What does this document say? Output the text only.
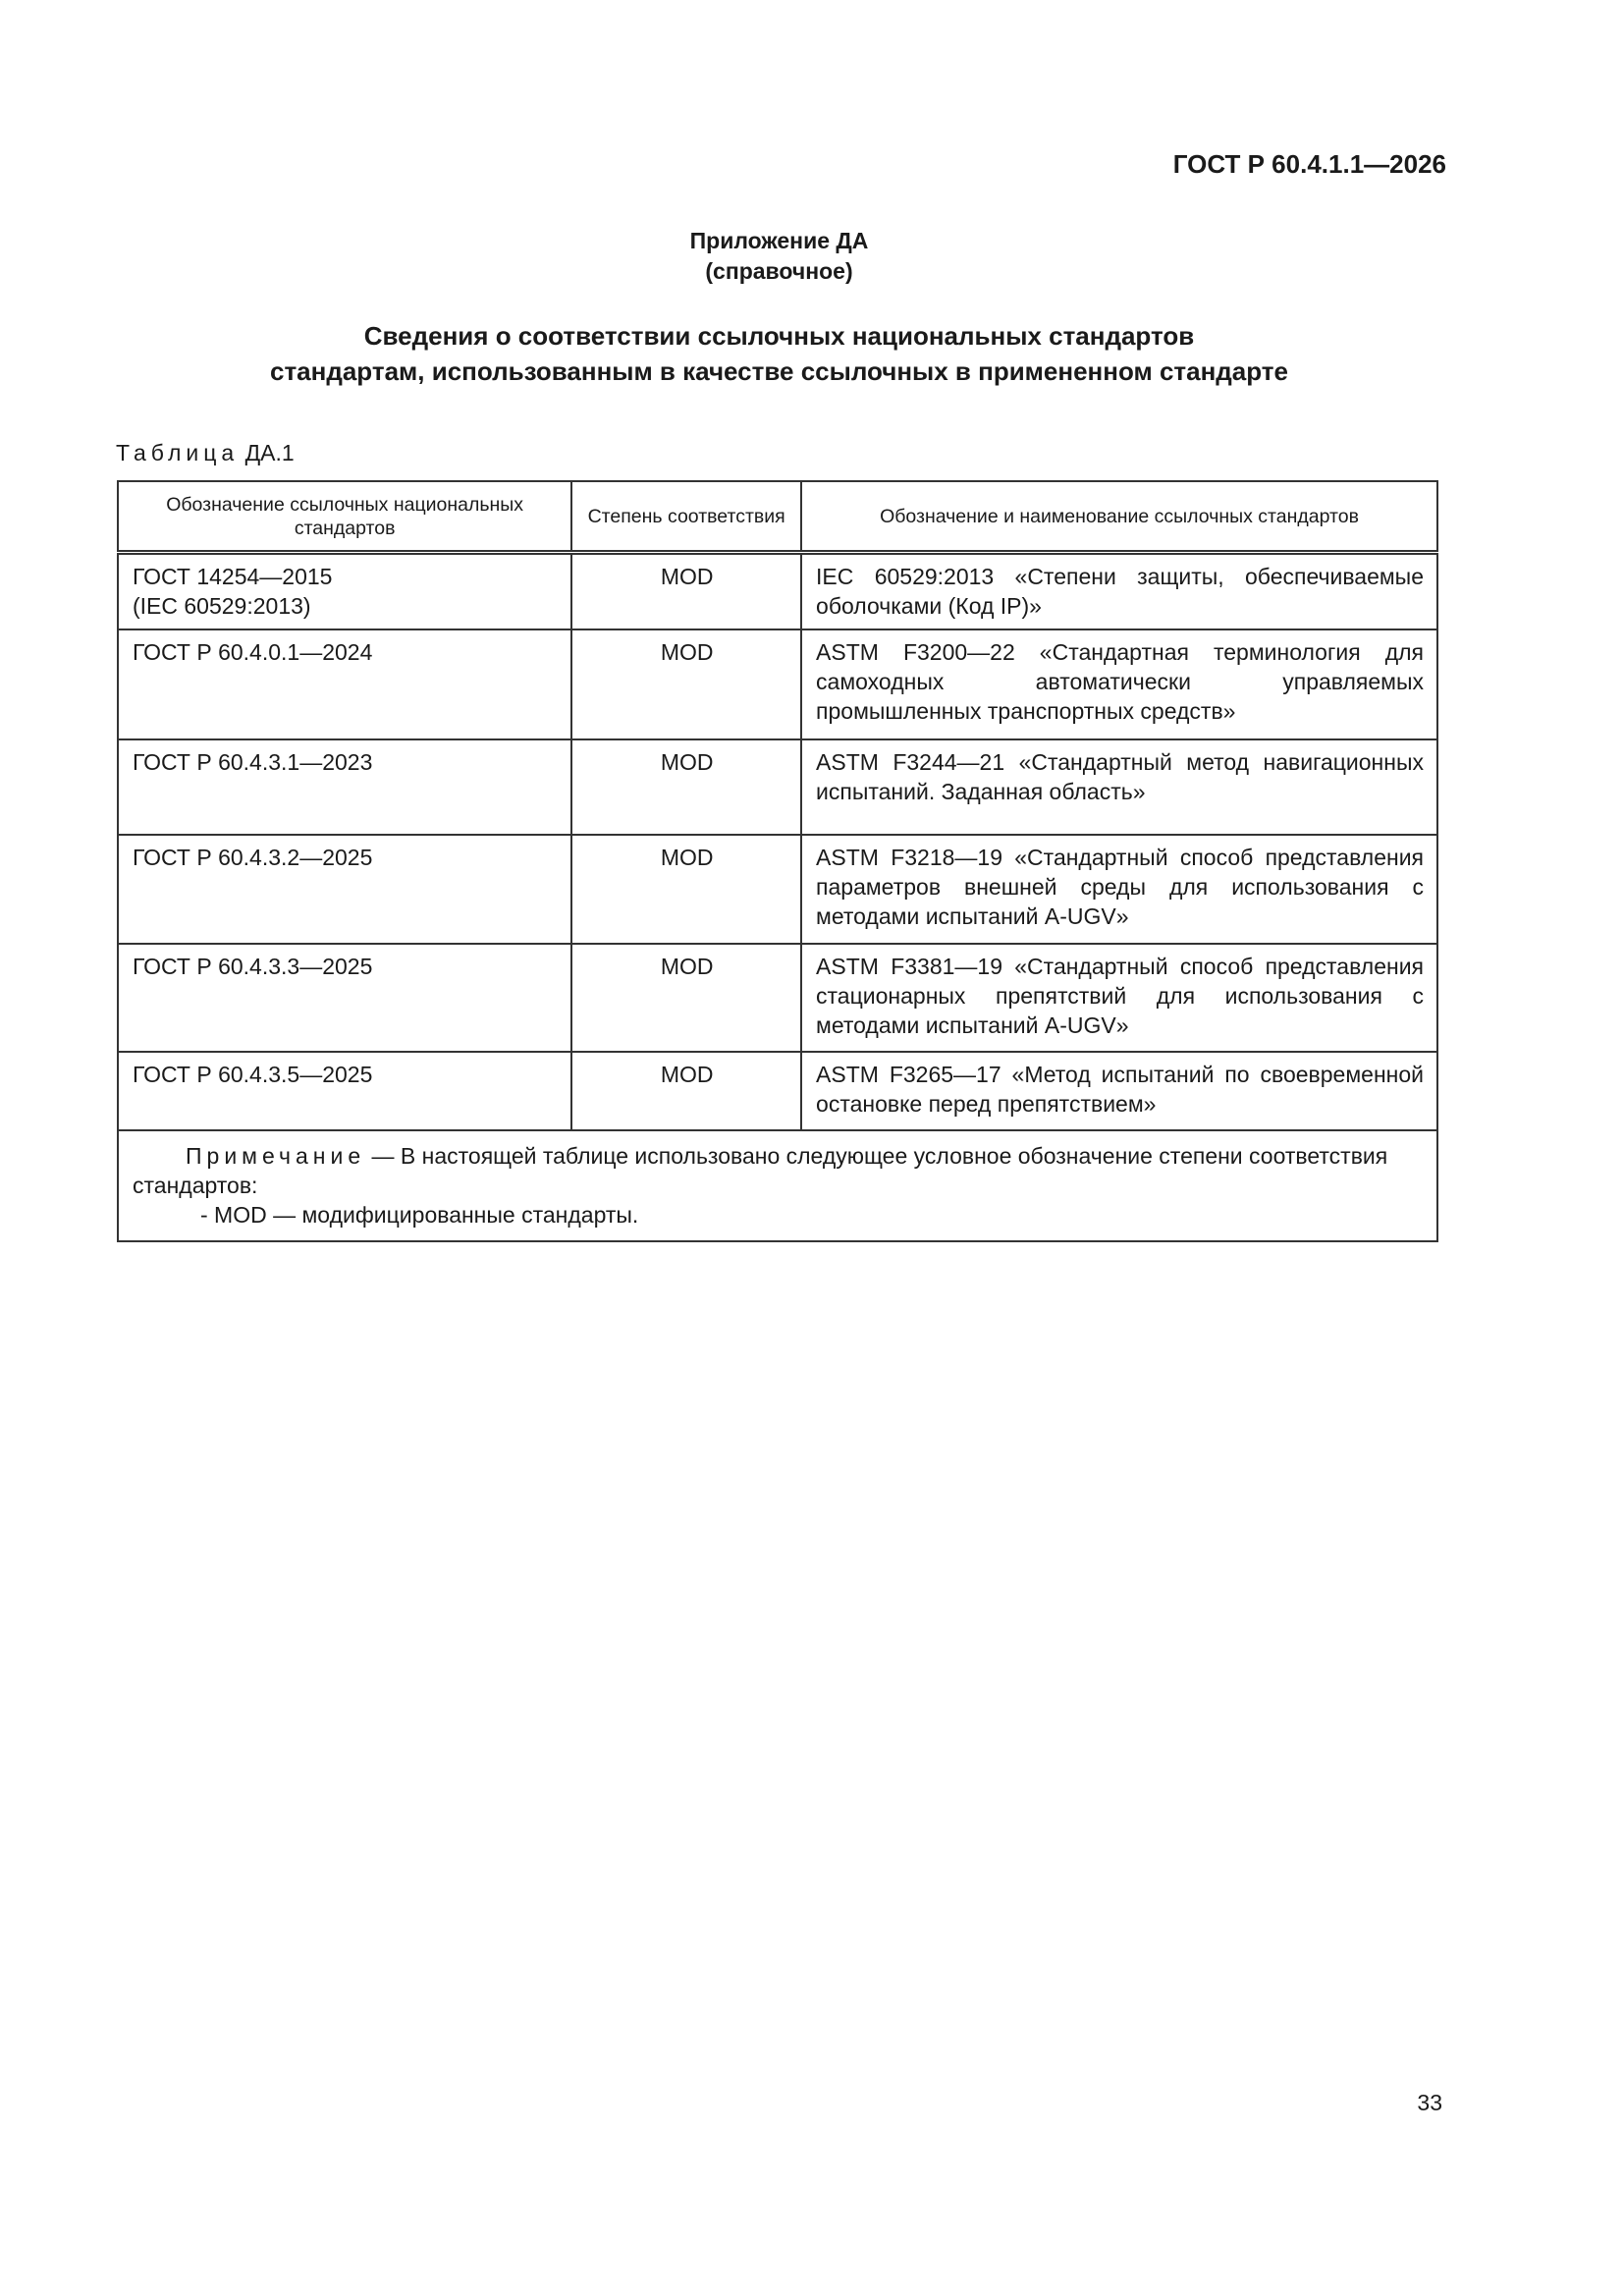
ГОСТ Р 60.4.1.1—2026

Приложение ДА
(справочное)
Сведения о соответствии ссылочных национальных стандартов
стандартам, использованным в качестве ссылочных в примененном стандарте

Таблица ДА.1

Обозначение ссылочных национальных стандартов	Степень соответствия	Обозначение и наименование ссылочных стандартов

ГОСТ 14254—2015
(IEC 60529:2013)	MOD	IEC 60529:2013 «Степени защиты, обеспечиваемые оболочками (Код IP)»

ГОСТ Р 60.4.0.1—2024	MOD	ASTM F3200—22 «Стандартная терминология для самоходных автоматически управляемых промышленных транспортных средств»

ГОСТ Р 60.4.3.1—2023	MOD	ASTM F3244—21 «Стандартный метод навигационных испытаний. Заданная область»

ГОСТ Р 60.4.3.2—2025	MOD	ASTM F3218—19 «Стандартный способ представления параметров внешней среды для использования с методами испытаний A-UGV»

ГОСТ Р 60.4.3.3—2025	MOD	ASTM F3381—19 «Стандартный способ представления стационарных препятствий для использования с методами испытаний A-UGV»

ГОСТ Р 60.4.3.5—2025	MOD	ASTM F3265—17 «Метод испытаний по своевременной остановке перед препятствием»
Примечание — В настоящей таблице использовано следующее условное обозначение степени соответствия стандартов:
- MOD — модифицированные стандарты.		

33
